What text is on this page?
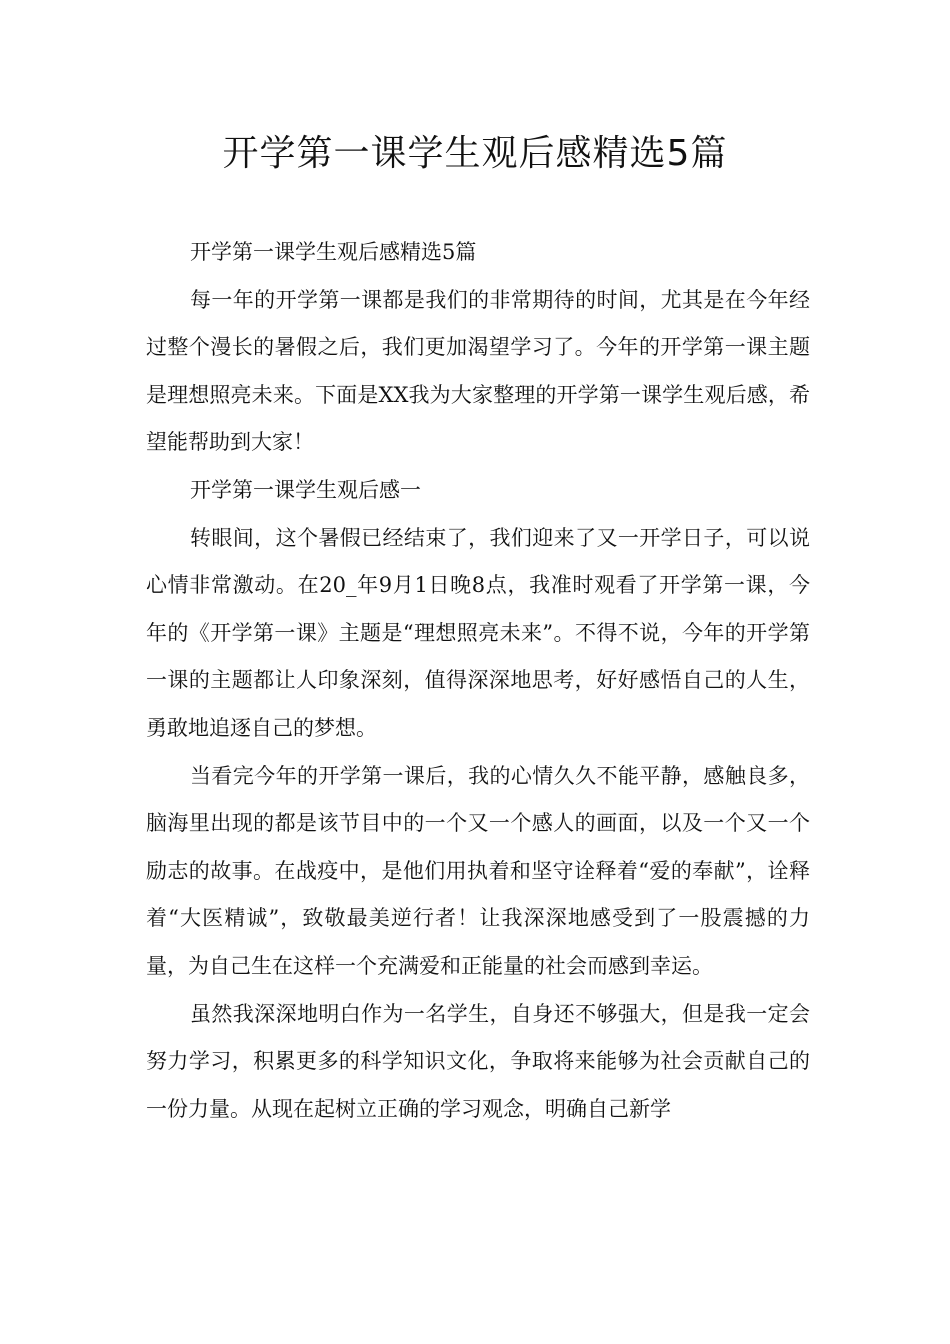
开学第一课学生观后感精选5篇

开学第一课学生观后感精选5篇

每一年的开学第一课都是我们的非常期待的时间，尤其是在今年经过整个漫长的暑假之后，我们更加渴望学习了。今年的开学第一课主题是理想照亮未来。下面是XX我为大家整理的开学第一课学生观后感，希望能帮助到大家！

开学第一课学生观后感一

转眼间，这个暑假已经结束了，我们迎来了又一开学日子，可以说心情非常激动。在20_年9月1日晚8点，我准时观看了开学第一课，今年的《开学第一课》主题是“理想照亮未来”。不得不说，今年的开学第一课的主题都让人印象深刻，值得深深地思考，好好感悟自己的人生，勇敢地追逐自己的梦想。

当看完今年的开学第一课后，我的心情久久不能平静，感触良多，脑海里出现的都是该节目中的一个又一个感人的画面，以及一个又一个励志的故事。在战疫中，是他们用执着和坚守诠释着“爱的奉献”，诠释着“大医精诚”，致敬最美逆行者！让我深深地感受到了一股震撼的力量，为自己生在这样一个充满爱和正能量的社会而感到幸运。

虽然我深深地明白作为一名学生，自身还不够强大，但是我一定会努力学习，积累更多的科学知识文化，争取将来能够为社会贡献自己的一份力量。从现在起树立正确的学习观念，明确自己新学
